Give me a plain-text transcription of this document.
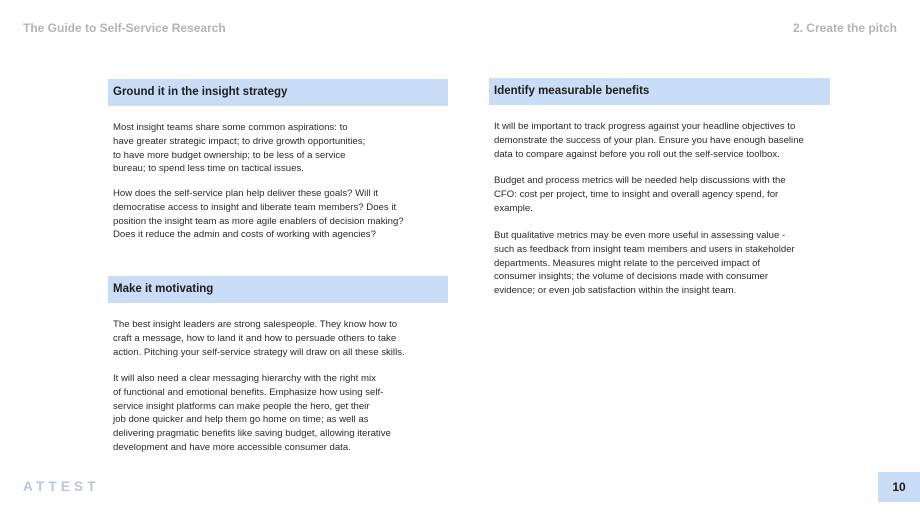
The Guide to Self-Service Research	2. Create the pitch
Ground it in the insight strategy

Most insight teams share some common aspirations: to
have greater strategic impact; to drive growth opportunities;
to have more budget ownership; to be less of a service
bureau; to spend less time on tactical issues.

How does the self-service plan help deliver these goals? Will it
democratise access to insight and liberate team members? Does it
position the insight team as more agile enablers of decision making?
Does it reduce the admin and costs of working with agencies?

Make it motivating

The best insight leaders are strong salespeople. They know how to
craft a message, how to land it and how to persuade others to take
action. Pitching your self-service strategy will draw on all these skills.

It will also need a clear messaging hierarchy with the right mix
of functional and emotional benefits. Emphasize how using self-
service insight platforms can make people the hero, get their
job done quicker and help them go home on time; as well as
delivering pragmatic benefits like saving budget, allowing iterative
development and have more accessible consumer data.

Identify measurable benefits

It will be important to track progress against your headline objectives to
demonstrate the success of your plan. Ensure you have enough baseline
data to compare against before you roll out the self-service toolbox.

Budget and process metrics will be needed help discussions with the
CFO: cost per project, time to insight and overall agency spend, for
example.

But qualitative metrics may be even more useful in assessing value -
such as feedback from insight team members and users in stakeholder
departments. Measures might relate to the perceived impact of
consumer insights; the volume of decisions made with consumer
evidence; or even job satisfaction within the insight team.

ATTEST	10
